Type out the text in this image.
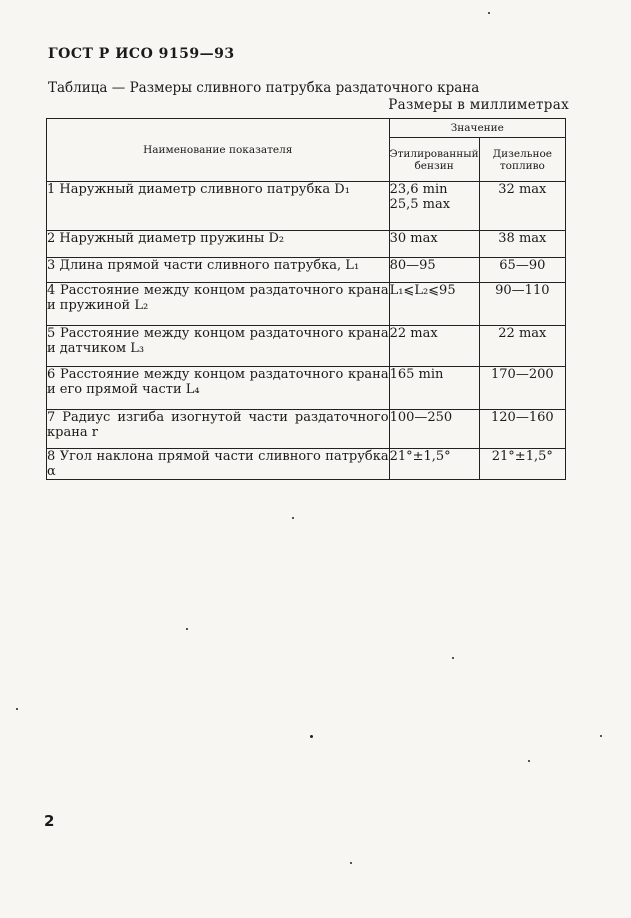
ГОСТ Р ИСО 9159—93
Таблица — Размеры сливного патрубка раздаточного крана
Размеры в миллиметрах
Наименование показателя	Значение	
	Этилированный бензин	Дизельное топливо
1 Наружный диаметр сливного патрубка D₁	23,6 min 25,5 max	32 max
2 Наружный диаметр пружины D₂	30 max	38 max
3 Длина прямой части сливного патрубка, L₁	80—95	65—90
4 Расстояние между концом раздаточного крана и пружиной L₂	L₁⩽L₂⩽95	90—110
5 Расстояние между концом раздаточного крана и датчиком L₃	22 max	22 max
6 Расстояние между концом раздаточного крана и его прямой части L₄	165 min	170—200
7 Радиус изгиба изогнутой части раздаточного крана r	100—250	120—160
8 Угол наклона прямой части сливного патрубка α	21°±1,5°	21°±1,5°
2
